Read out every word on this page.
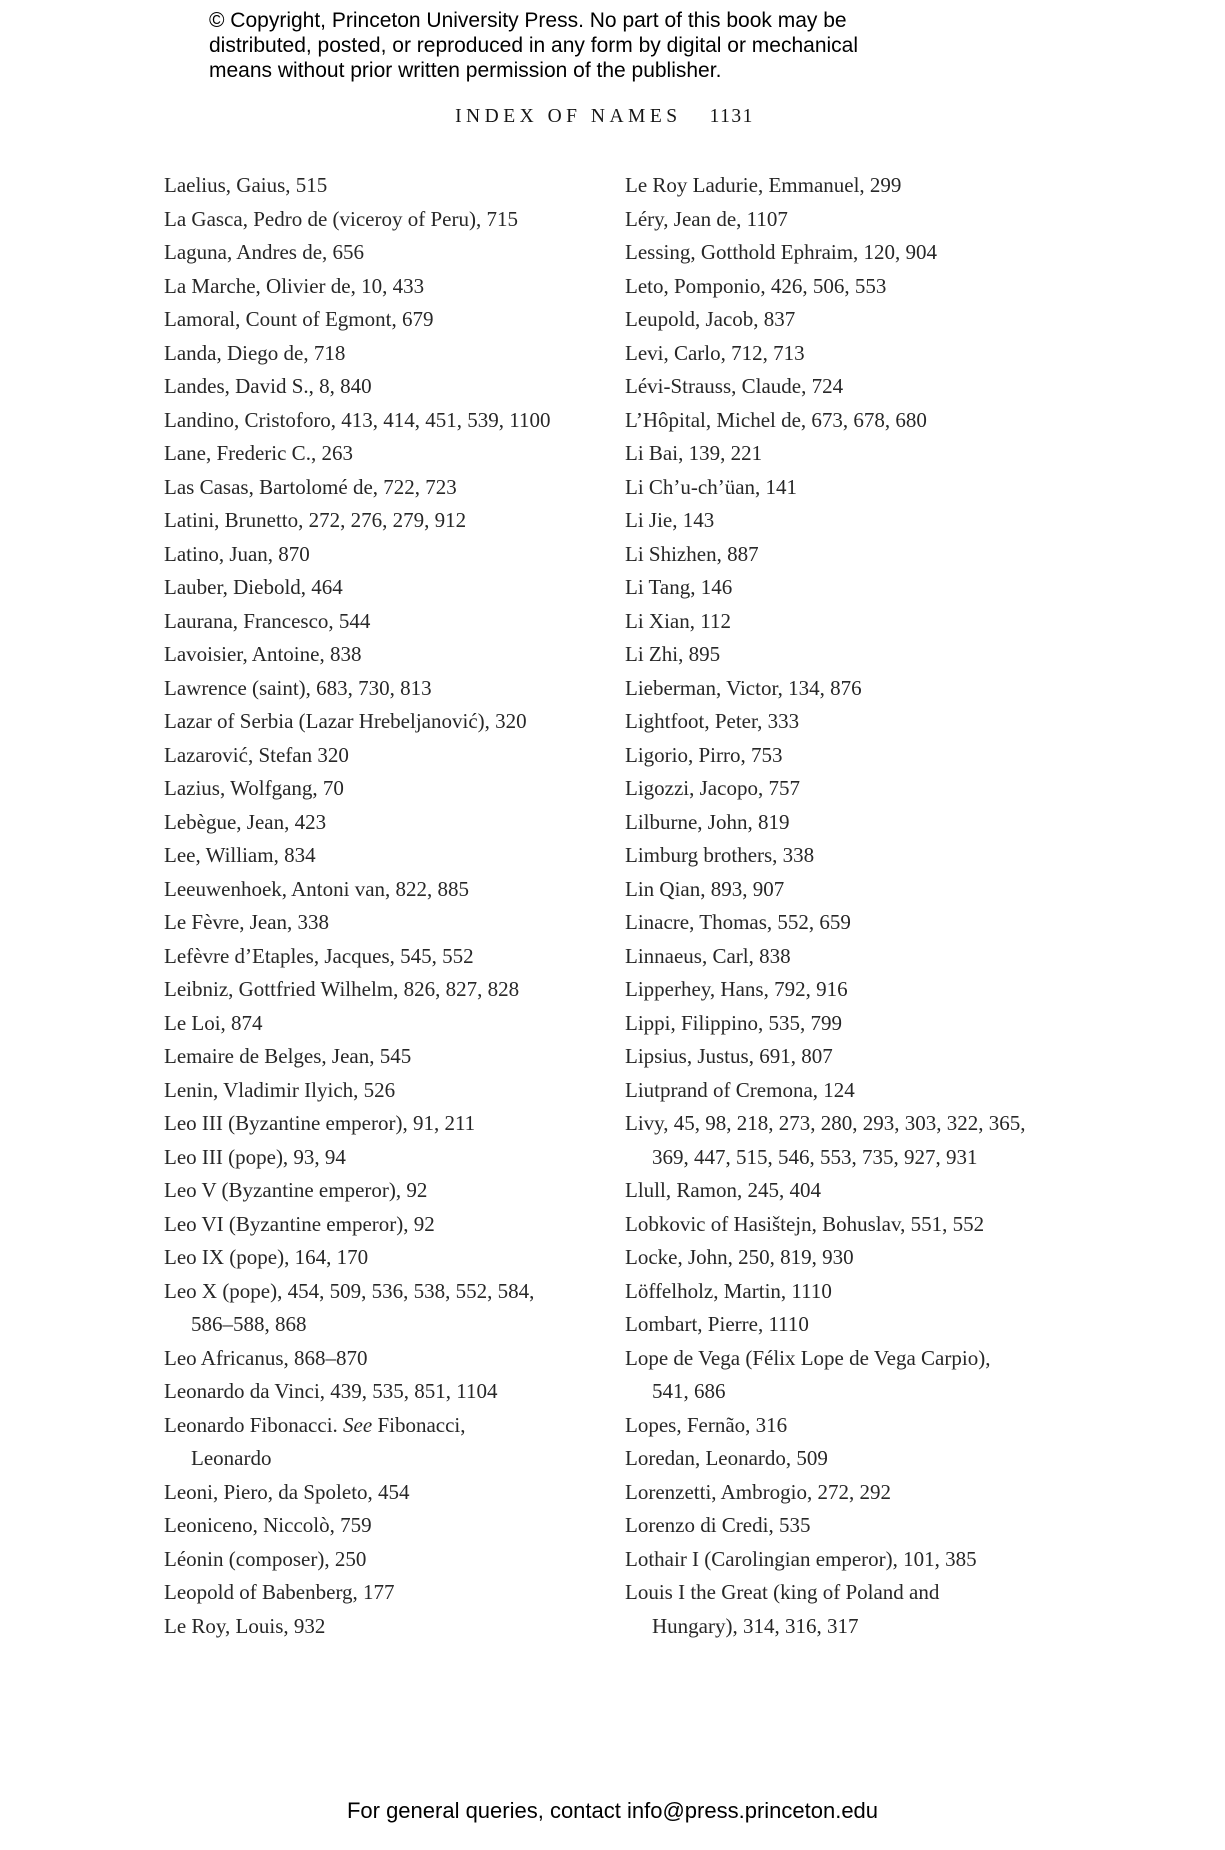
© Copyright, Princeton University Press. No part of this book may be
distributed, posted, or reproduced in any form by digital or mechanical
means without prior written permission of the publisher.
INDEX OF NAMES 1131
Laelius, Gaius, 515
La Gasca, Pedro de (viceroy of Peru), 715
Laguna, Andres de, 656
La Marche, Olivier de, 10, 433
Lamoral, Count of Egmont, 679
Landa, Diego de, 718
Landes, David S., 8, 840
Landino, Cristoforo, 413, 414, 451, 539, 1100
Lane, Frederic C., 263
Las Casas, Bartolomé de, 722, 723
Latini, Brunetto, 272, 276, 279, 912
Latino, Juan, 870
Lauber, Diebold, 464
Laurana, Francesco, 544
Lavoisier, Antoine, 838
Lawrence (saint), 683, 730, 813
Lazar of Serbia (Lazar Hrebeljanović), 320
Lazarović, Stefan 320
Lazius, Wolfgang, 70
Lebègue, Jean, 423
Lee, William, 834
Leeuwenhoek, Antoni van, 822, 885
Le Fèvre, Jean, 338
Lefèvre d’Etaples, Jacques, 545, 552
Leibniz, Gottfried Wilhelm, 826, 827, 828
Le Loi, 874
Lemaire de Belges, Jean, 545
Lenin, Vladimir Ilyich, 526
Leo III (Byzantine emperor), 91, 211
Leo III (pope), 93, 94
Leo V (Byzantine emperor), 92
Leo VI (Byzantine emperor), 92
Leo IX (pope), 164, 170
Leo X (pope), 454, 509, 536, 538, 552, 584,
586–588, 868
Leo Africanus, 868–870
Leonardo da Vinci, 439, 535, 851, 1104
Leonardo Fibonacci. See Fibonacci,
Leonardo
Leoni, Piero, da Spoleto, 454
Leoniceno, Niccolò, 759
Léonin (composer), 250
Leopold of Babenberg, 177
Le Roy, Louis, 932
Le Roy Ladurie, Emmanuel, 299
Léry, Jean de, 1107
Lessing, Gotthold Ephraim, 120, 904
Leto, Pomponio, 426, 506, 553
Leupold, Jacob, 837
Levi, Carlo, 712, 713
Lévi-Strauss, Claude, 724
L’Hôpital, Michel de, 673, 678, 680
Li Bai, 139, 221
Li Ch’u-ch’üan, 141
Li Jie, 143
Li Shizhen, 887
Li Tang, 146
Li Xian, 112
Li Zhi, 895
Lieberman, Victor, 134, 876
Lightfoot, Peter, 333
Ligorio, Pirro, 753
Ligozzi, Jacopo, 757
Lilburne, John, 819
Limburg brothers, 338
Lin Qian, 893, 907
Linacre, Thomas, 552, 659
Linnaeus, Carl, 838
Lipperhey, Hans, 792, 916
Lippi, Filippino, 535, 799
Lipsius, Justus, 691, 807
Liutprand of Cremona, 124
Livy, 45, 98, 218, 273, 280, 293, 303, 322, 365,
369, 447, 515, 546, 553, 735, 927, 931
Llull, Ramon, 245, 404
Lobkovic of Hasištejn, Bohuslav, 551, 552
Locke, John, 250, 819, 930
Löffelholz, Martin, 1110
Lombart, Pierre, 1110
Lope de Vega (Félix Lope de Vega Carpio),
541, 686
Lopes, Fernão, 316
Loredan, Leonardo, 509
Lorenzetti, Ambrogio, 272, 292
Lorenzo di Credi, 535
Lothair I (Carolingian emperor), 101, 385
Louis I the Great (king of Poland and
Hungary), 314, 316, 317
For general queries, contact info@press.princeton.edu
